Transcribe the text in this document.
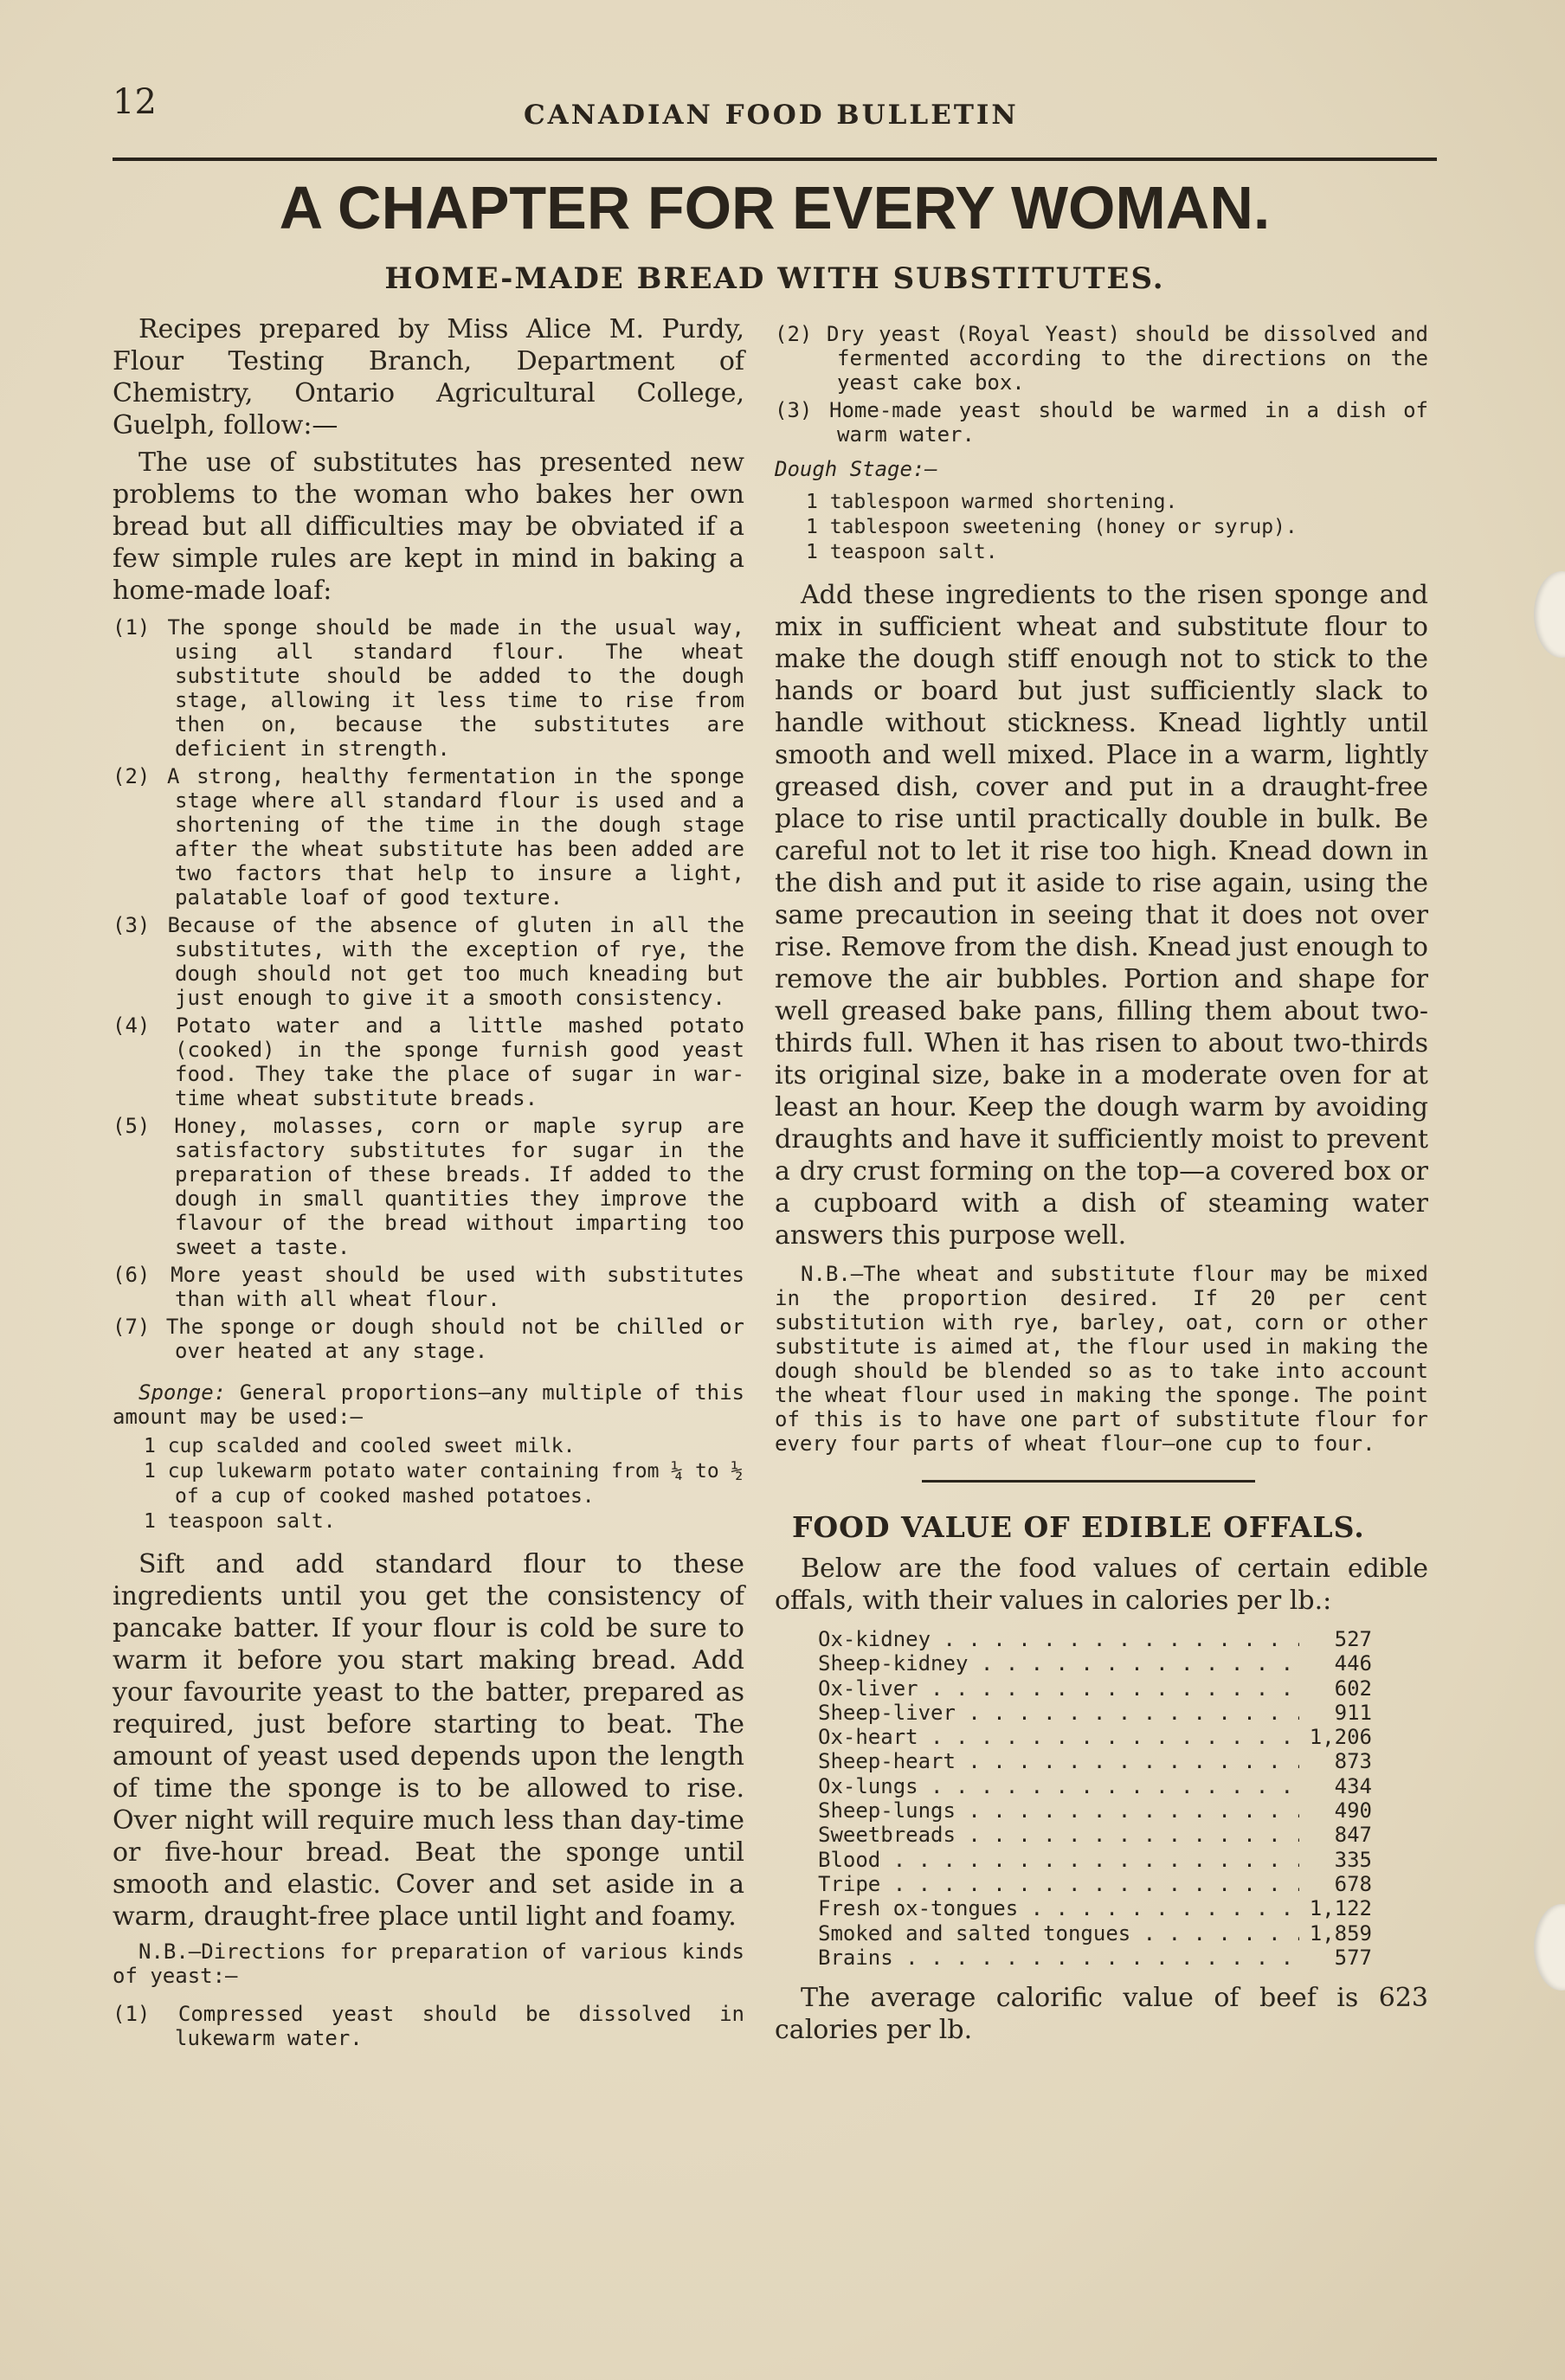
12	CANADIAN FOOD BULLETIN
A CHAPTER FOR EVERY WOMAN.
HOME-MADE BREAD WITH SUBSTITUTES.

Recipes prepared by Miss Alice M. Purdy, Flour Testing Branch, Department of Chemistry, Ontario Agricultural College, Guelph, follow:—

The use of substitutes has presented new problems to the woman who bakes her own bread but all difficulties may be obviated if a few simple rules are kept in mind in baking a home-made loaf:

(1) The sponge should be made in the usual way, using all standard flour. The wheat substitute should be added to the dough stage, allowing it less time to rise from then on, because the substitutes are deficient in strength.

(2) A strong, healthy fermentation in the sponge stage where all standard flour is used and a shortening of the time in the dough stage after the wheat substitute has been added are two factors that help to insure a light, palatable loaf of good texture.

(3) Because of the absence of gluten in all the substitutes, with the exception of rye, the dough should not get too much kneading but just enough to give it a smooth consistency.

(4) Potato water and a little mashed potato (cooked) in the sponge furnish good yeast food. They take the place of sugar in war-time wheat substitute breads.

(5) Honey, molasses, corn or maple syrup are satisfactory substitutes for sugar in the preparation of these breads. If added to the dough in small quantities they improve the flavour of the bread without imparting too sweet a taste.

(6) More yeast should be used with substitutes than with all wheat flour.

(7) The sponge or dough should not be chilled or over heated at any stage.

Sponge: General proportions—any multiple of this amount may be used:—

1 cup scalded and cooled sweet milk.

1 cup lukewarm potato water containing from ¼ to ½ of a cup of cooked mashed potatoes.

1 teaspoon salt.

Sift and add standard flour to these ingredients until you get the consistency of pancake batter. If your flour is cold be sure to warm it before you start making bread. Add your favourite yeast to the batter, prepared as required, just before starting to beat. The amount of yeast used depends upon the length of time the sponge is to be allowed to rise. Over night will require much less than day-time or five-hour bread. Beat the sponge until smooth and elastic. Cover and set aside in a warm, draught-free place until light and foamy.

N.B.—Directions for preparation of various kinds of yeast:—

(1) Compressed yeast should be dissolved in lukewarm water.

(2) Dry yeast (Royal Yeast) should be dissolved and fermented according to the directions on the yeast cake box.

(3) Home-made yeast should be warmed in a dish of warm water.

Dough Stage:—

1 tablespoon warmed shortening.

1 tablespoon sweetening (honey or syrup).

1 teaspoon salt.

Add these ingredients to the risen sponge and mix in sufficient wheat and substitute flour to make the dough stiff enough not to stick to the hands or board but just sufficiently slack to handle without stickness. Knead lightly until smooth and well mixed. Place in a warm, lightly greased dish, cover and put in a draught-free place to rise until practically double in bulk. Be careful not to let it rise too high. Knead down in the dish and put it aside to rise again, using the same precaution in seeing that it does not over rise. Remove from the dish. Knead just enough to remove the air bubbles. Portion and shape for well greased bake pans, filling them about two-thirds full. When it has risen to about two-thirds its original size, bake in a moderate oven for at least an hour. Keep the dough warm by avoiding draughts and have it sufficiently moist to prevent a dry crust forming on the top—a covered box or a cupboard with a dish of steaming water answers this purpose well.

N.B.—The wheat and substitute flour may be mixed in the proportion desired. If 20 per cent substitution with rye, barley, oat, corn or other substitute is aimed at, the flour used in making the dough should be blended so as to take into account the wheat flour used in making the sponge. The point of this is to have one part of substitute flour for every four parts of wheat flour—one cup to four.

FOOD VALUE OF EDIBLE OFFALS.

Below are the food values of certain edible offals, with their values in calories per lb.:

Ox-kidney . . .	527
Sheep-kidney . . .	446
Ox-liver . . .	602
Sheep-liver . . .	911
Ox-heart . . .	1,206
Sheep-heart . . .	873
Ox-lungs . . .	434
Sheep-lungs . . .	490
Sweetbreads . . .	847
Blood . . .	335
Tripe . . .	678
Fresh ox-tongues . . .	1,122
Smoked and salted tongues . . .	1,859
Brains . . .	577

The average calorific value of beef is 623 calories per lb.
